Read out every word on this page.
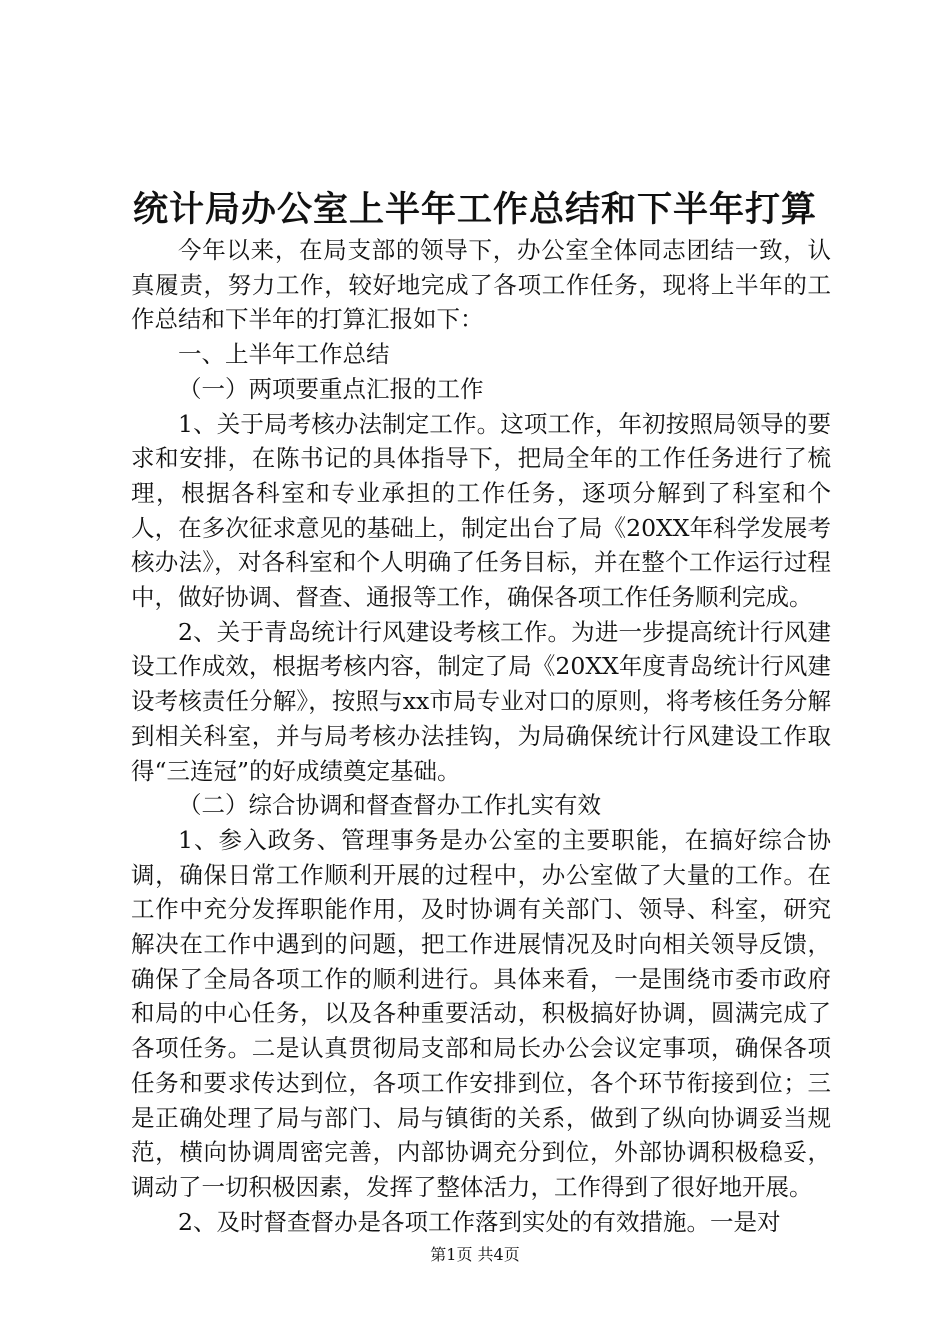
统计局办公室上半年工作总结和下半年打算

今年以来，在局支部的领导下，办公室全体同志团结一致，认真履责，努力工作，较好地完成了各项工作任务，现将上半年的工作总结和下半年的打算汇报如下：

一、上半年工作总结

（一）两项要重点汇报的工作

1、关于局考核办法制定工作。这项工作，年初按照局领导的要求和安排，在陈书记的具体指导下，把局全年的工作任务进行了梳理，根据各科室和专业承担的工作任务，逐项分解到了科室和个人，在多次征求意见的基础上，制定出台了局《20XX年科学发展考核办法》，对各科室和个人明确了任务目标，并在整个工作运行过程中，做好协调、督查、通报等工作，确保各项工作任务顺利完成。

2、关于青岛统计行风建设考核工作。为进一步提高统计行风建设工作成效，根据考核内容，制定了局《20XX年度青岛统计行风建设考核责任分解》，按照与xx市局专业对口的原则，将考核任务分解到相关科室，并与局考核办法挂钩，为局确保统计行风建设工作取得“三连冠”的好成绩奠定基础。

（二）综合协调和督查督办工作扎实有效

1、参入政务、管理事务是办公室的主要职能，在搞好综合协调，确保日常工作顺利开展的过程中，办公室做了大量的工作。在工作中充分发挥职能作用，及时协调有关部门、领导、科室，研究解决在工作中遇到的问题，把工作进展情况及时向相关领导反馈，确保了全局各项工作的顺利进行。具体来看，一是围绕市委市政府和局的中心任务，以及各种重要活动，积极搞好协调，圆满完成了各项任务。二是认真贯彻局支部和局长办公会议定事项，确保各项任务和要求传达到位，各项工作安排到位，各个环节衔接到位；三是正确处理了局与部门、局与镇街的关系，做到了纵向协调妥当规范，横向协调周密完善，内部协调充分到位，外部协调积极稳妥，调动了一切积极因素，发挥了整体活力，工作得到了很好地开展。

2、及时督查督办是各项工作落到实处的有效措施。一是对

第1页 共4页
